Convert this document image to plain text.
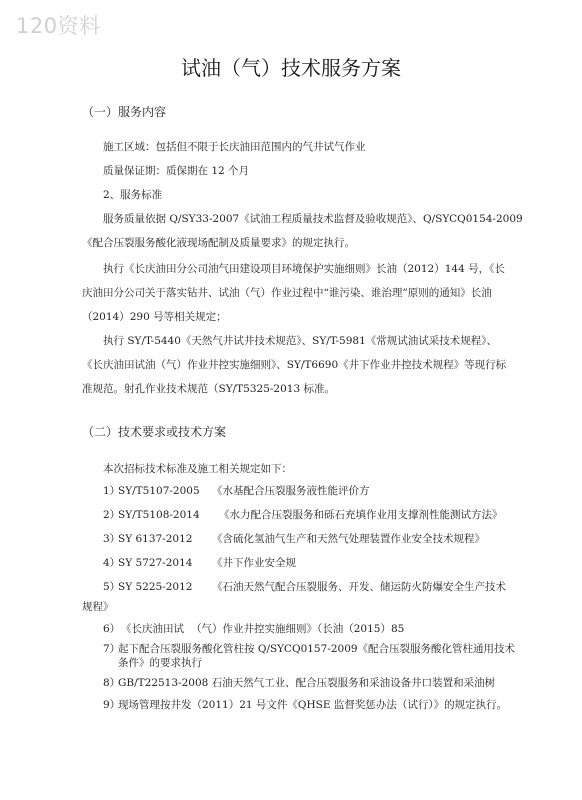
120资料
试油（气）技术服务方案
（一）服务内容
施工区域：包括但不限于长庆油田范围内的气井试气作业
质量保证期：质保期在 12 个月
2、服务标准
服务质量依据 Q/SY33-2007《试油工程质量技术监督及验收规范》、Q/SYCQ0154-2009
《配合压裂服务酸化液现场配制及质量要求》的规定执行。
执行《长庆油田分公司油气田建设项目环境保护实施细则》长油（2012）144 号，《长
庆油田分公司关于落实钻井、试油（气）作业过程中“谁污染、谁治理”原则的通知》长油
（2014）290 号等相关规定；
执行 SY/T-5440《天然气井试井技术规范》、SY/T-5981《常规试油试采技术规程》、
《长庆油田试油（气）作业井控实施细则》、SY/T6690《井下作业井控技术规程》等现行标
准规范。射孔作业技术规范（SY/T5325-2013 标准。
（二）技术要求或技术方案
本次招标技术标准及施工相关规定如下：
1）
SY/T5107-2005 《水基配合压裂服务液性能评价方
2）
SY/T5108-2014 《水力配合压裂服务和砾石充填作业用支撑剂性能测试方法》
3）
SY 6137-2012 《含硫化氢油气生产和天然气处理装置作业安全技术规程》
4）
SY 5727-2014 《井下作业安全规
5）
SY 5225-2012 《石油天然气配合压裂服务、开发、储运防火防爆安全生产技术
规程》
6） 《长庆油田试 （气）作业井控实施细则》（长油（2015）85
7）
起下配合压裂服务酸化管柱按 Q/SYCQ0157-2009《配合压裂服务酸化管柱通用技术
条件》的要求执行
8）
GB/T22513-2008 石油天然气工业、配合压裂服务和采油设备井口装置和采油树
9）
现场管理按井发（2011）21 号文件《QHSE 监督奖惩办法（试行）》的规定执行。
